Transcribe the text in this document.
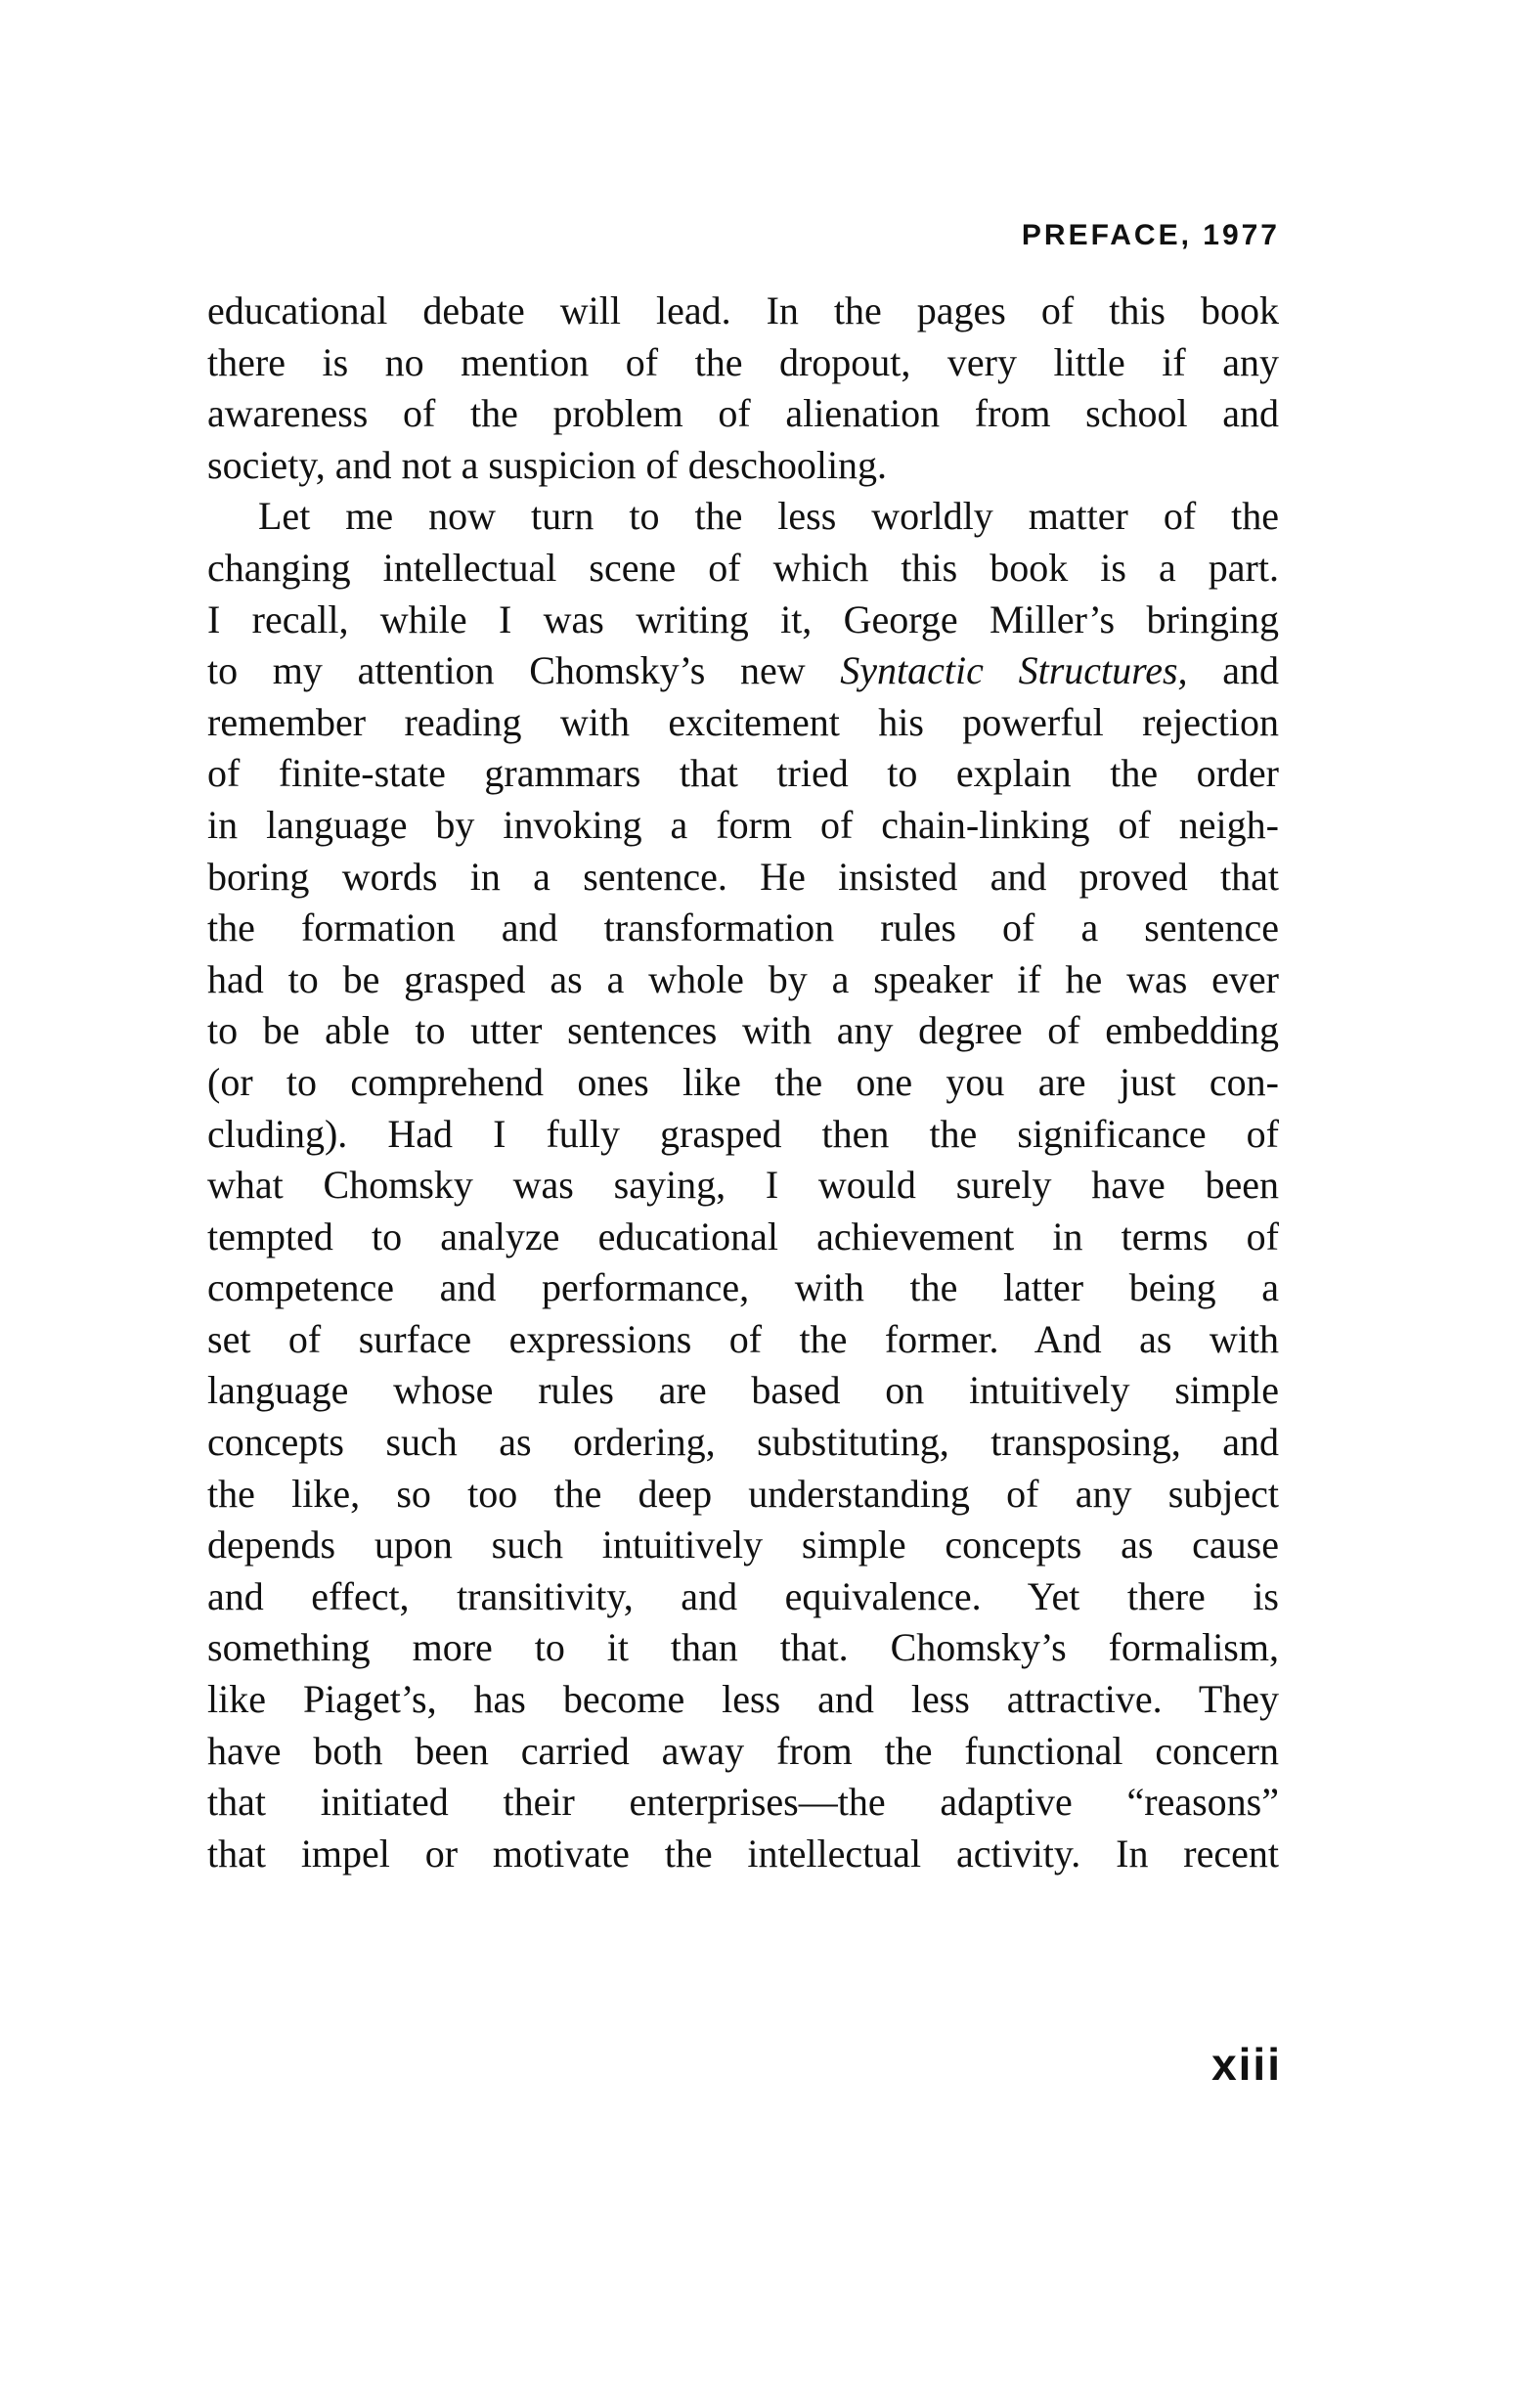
PREFACE, 1977
educational debate will lead. In the pages of this book
there is no mention of the dropout, very little if any
awareness of the problem of alienation from school and
society, and not a suspicion of deschooling.
Let me now turn to the less worldly matter of the
changing intellectual scene of which this book is a part.
I recall, while I was writing it, George Miller’s bringing
to my attention Chomsky’s new Syntactic Structures, and
remember reading with excitement his powerful rejection
of finite-state grammars that tried to explain the order
in language by invoking a form of chain-linking of neigh-
boring words in a sentence. He insisted and proved that
the formation and transformation rules of a sentence
had to be grasped as a whole by a speaker if he was ever
to be able to utter sentences with any degree of embedding
(or to comprehend ones like the one you are just con-
cluding). Had I fully grasped then the significance of
what Chomsky was saying, I would surely have been
tempted to analyze educational achievement in terms of
competence and performance, with the latter being a
set of surface expressions of the former. And as with
language whose rules are based on intuitively simple
concepts such as ordering, substituting, transposing, and
the like, so too the deep understanding of any subject
depends upon such intuitively simple concepts as cause
and effect, transitivity, and equivalence. Yet there is
something more to it than that. Chomsky’s formalism,
like Piaget’s, has become less and less attractive. They
have both been carried away from the functional concern
that initiated their enterprises—the adaptive “reasons”
that impel or motivate the intellectual activity. In recent
xiii
